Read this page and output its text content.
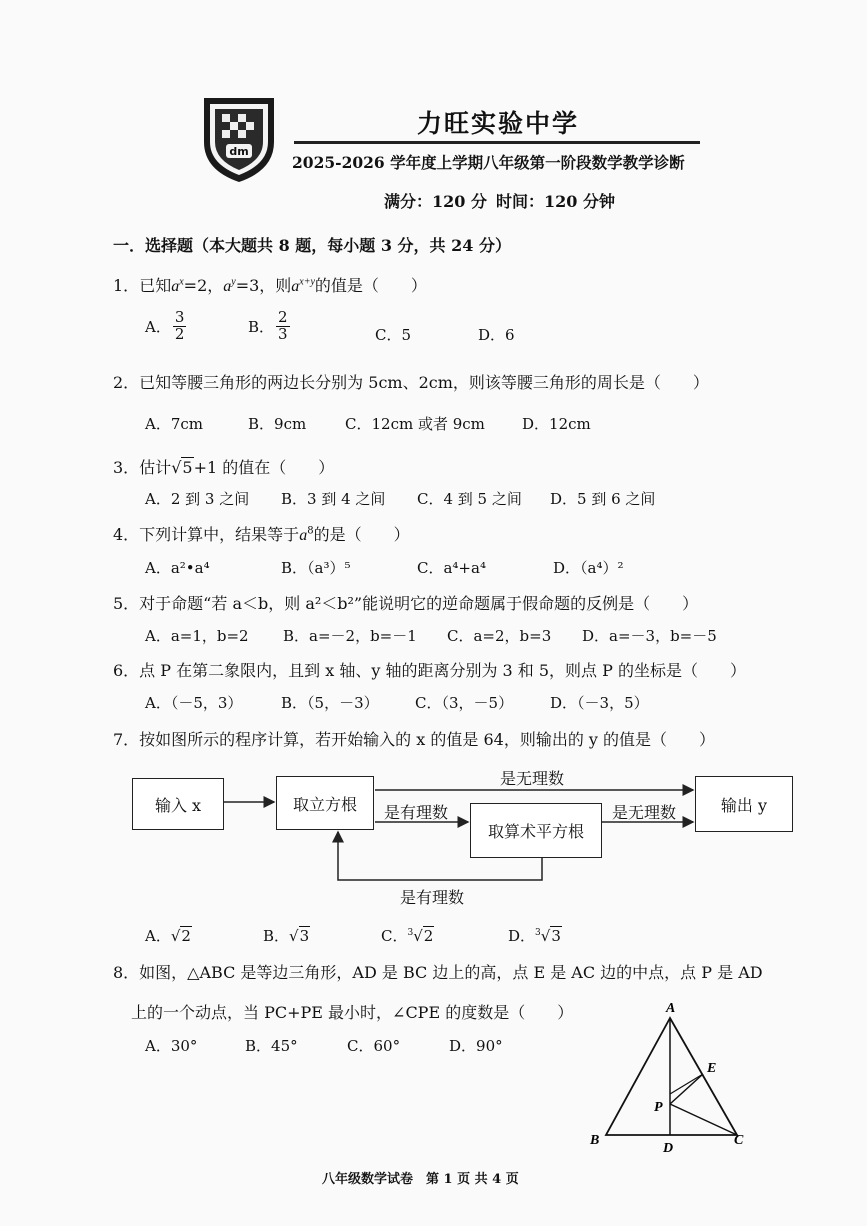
dm
力旺实验中学
2025-2026 学年度上学期八年级第一阶段数学教学诊断
满分：120 分 时间：120 分钟
一．选择题（本大题共 8 题，每小题 3 分，共 24 分）
1．已知$a^x=2$，$a^y=3$，则$a^{x+y}$的值是（　　）
A． $\frac{3}{2}$	B． $\frac{2}{3}$	C．5	D．6
2．已知等腰三角形的两边长分别为 5cm、2cm，则该等腰三角形的周长是（　　）
A．7cm	B．9cm	C．12cm 或者 9cm D．12cm
3．估计√5+1 的值在（　　）
A．2 到 3 之间 B．3 到 4 之间 C．4 到 5 之间 D．5 到 6 之间
4．下列计算中，结果等于$a^8$的是（　　）
A．a²•a⁴	B．（a³）⁵	C．a⁴+a⁴	D．（a⁴）²
5．对于命题“若 a＜b，则 a²＜b²”能说明它的逆命题属于假命题的反例是（　　）
A．a=1，b=2 B．a=－2，b=－1 C．a=2，b=3 D．a=－3，b=－5
6．点 P 在第二象限内，且到 x 轴、y 轴的距离分别为 3 和 5，则点 P 的坐标是（　　）
A．（－5，3）	B．（5，－3） C．（3，－5） D．（－3，5）
7．按如图所示的程序计算，若开始输入的 x 的值是 64，则输出的 y 的值是（　　）
输入 x	取立方根
取算术平方根
输出 y
是无理数
是有理数	是无理数
是有理数
A．√2	B．√3	C．$^3$√2	D．$^3$√3
8．如图，△ABC 是等边三角形，AD 是 BC 边上的高，点 E 是 AC 边的中点，点 P 是 AD
上的一个动点，当 PC+PE 最小时，∠CPE 的度数是（　　）
A．30°	B．45°	C．60°	D．90°
A
B	C
D
E
P
八年级数学试卷　第 1 页 共 4 页
